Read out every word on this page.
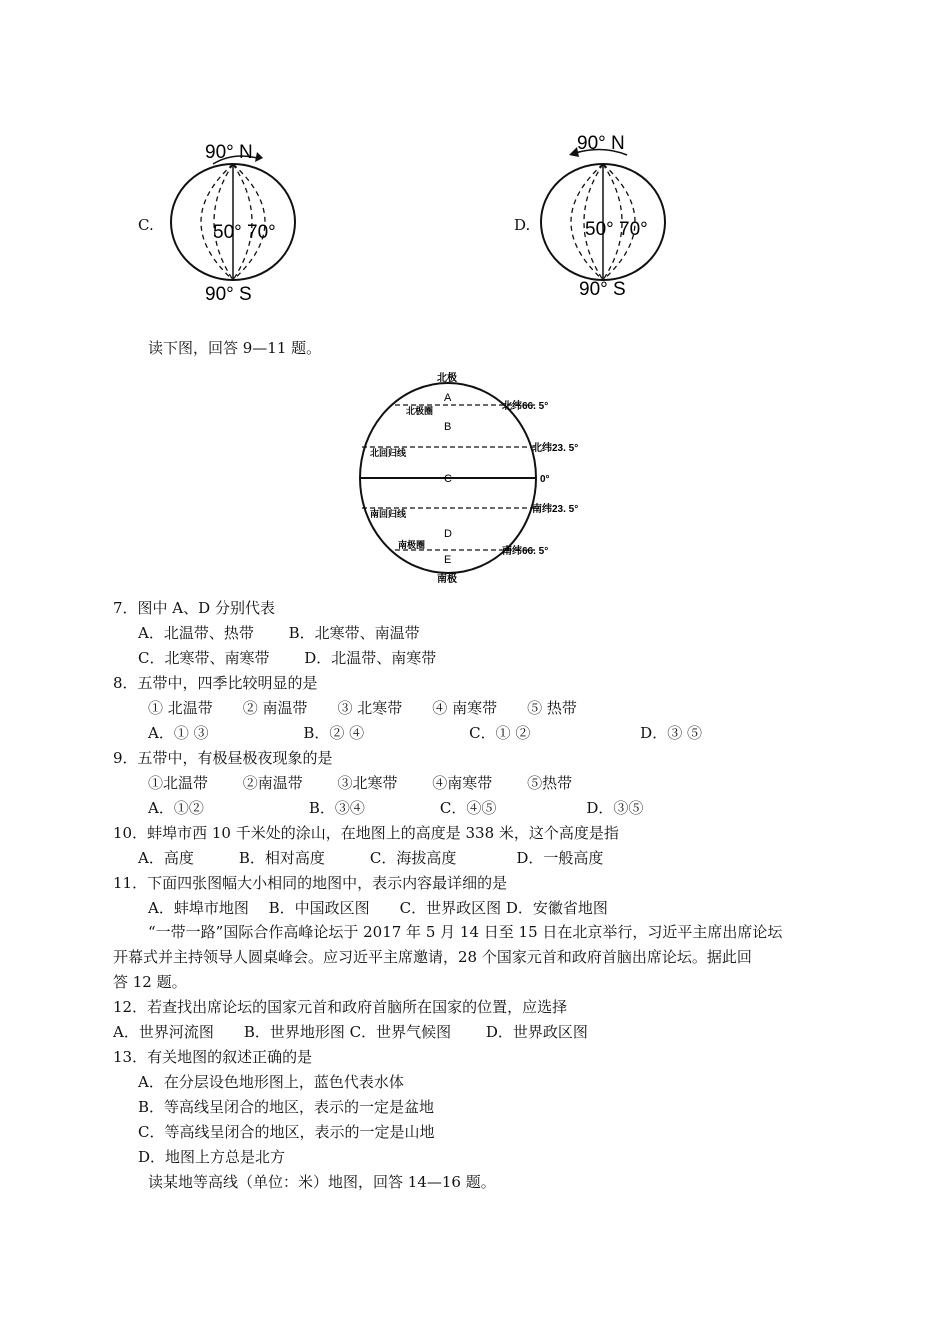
C.
90° N
50° 70°
90° S
D.
90° N
50° 70°
90° S
读下图，回答 9—11 题。
北极
A
北极圈
B
北回归线
C
南回归线
D
南极圈
E
南极
北纬66. 5°
北纬23. 5°
0°
南纬23. 5°
南纬66. 5°
7．图中 A、D 分别代表
A．北温带、热带　　 B．北寒带、南温带
C．北寒带、南寒带　　 D．北温带、南寒带
8．五带中，四季比较明显的是
① 北温带　　② 南温带　　③ 北寒带　　④ 南寒带　　⑤ 热带
A．① ③　　　　　　 B．② ④　　　　　　　C．① ②　　　　　　　 D．③ ⑤
9．五带中，有极昼极夜现象的是
①北温带　　 ②南温带　　 ③北寒带　　 ④南寒带　　 ⑤热带
A．①②　　　　　　　B．③④　　　　　C．④⑤　　　　　　D．③⑤
10．蚌埠市西 10 千米处的涂山，在地图上的高度是 338 米，这个高度是指
A．高度　　　B．相对高度　　　C．海拔高度　　　　D．一般高度
11．下面四张图幅大小相同的地图中，表示内容最详细的是
A．蚌埠市地图　 B．中国政区图　　C．世界政区图 D．安徽省地图
“一带一路”国际合作高峰论坛于 2017 年 5 月 14 日至 15 日在北京举行，习近平主席出席论坛
开幕式并主持领导人圆桌峰会。应习近平主席邀请，28 个国家元首和政府首脑出席论坛。据此回
答 12 题。
12．若查找出席论坛的国家元首和政府首脑所在国家的位置，应选择
A．世界河流图　　B．世界地形图 C．世界气候图　　 D．世界政区图
13．有关地图的叙述正确的是
A．在分层设色地形图上，蓝色代表水体
B．等高线呈闭合的地区，表示的一定是盆地
C．等高线呈闭合的地区，表示的一定是山地
D．地图上方总是北方
读某地等高线（单位：米）地图，回答 14—16 题。
